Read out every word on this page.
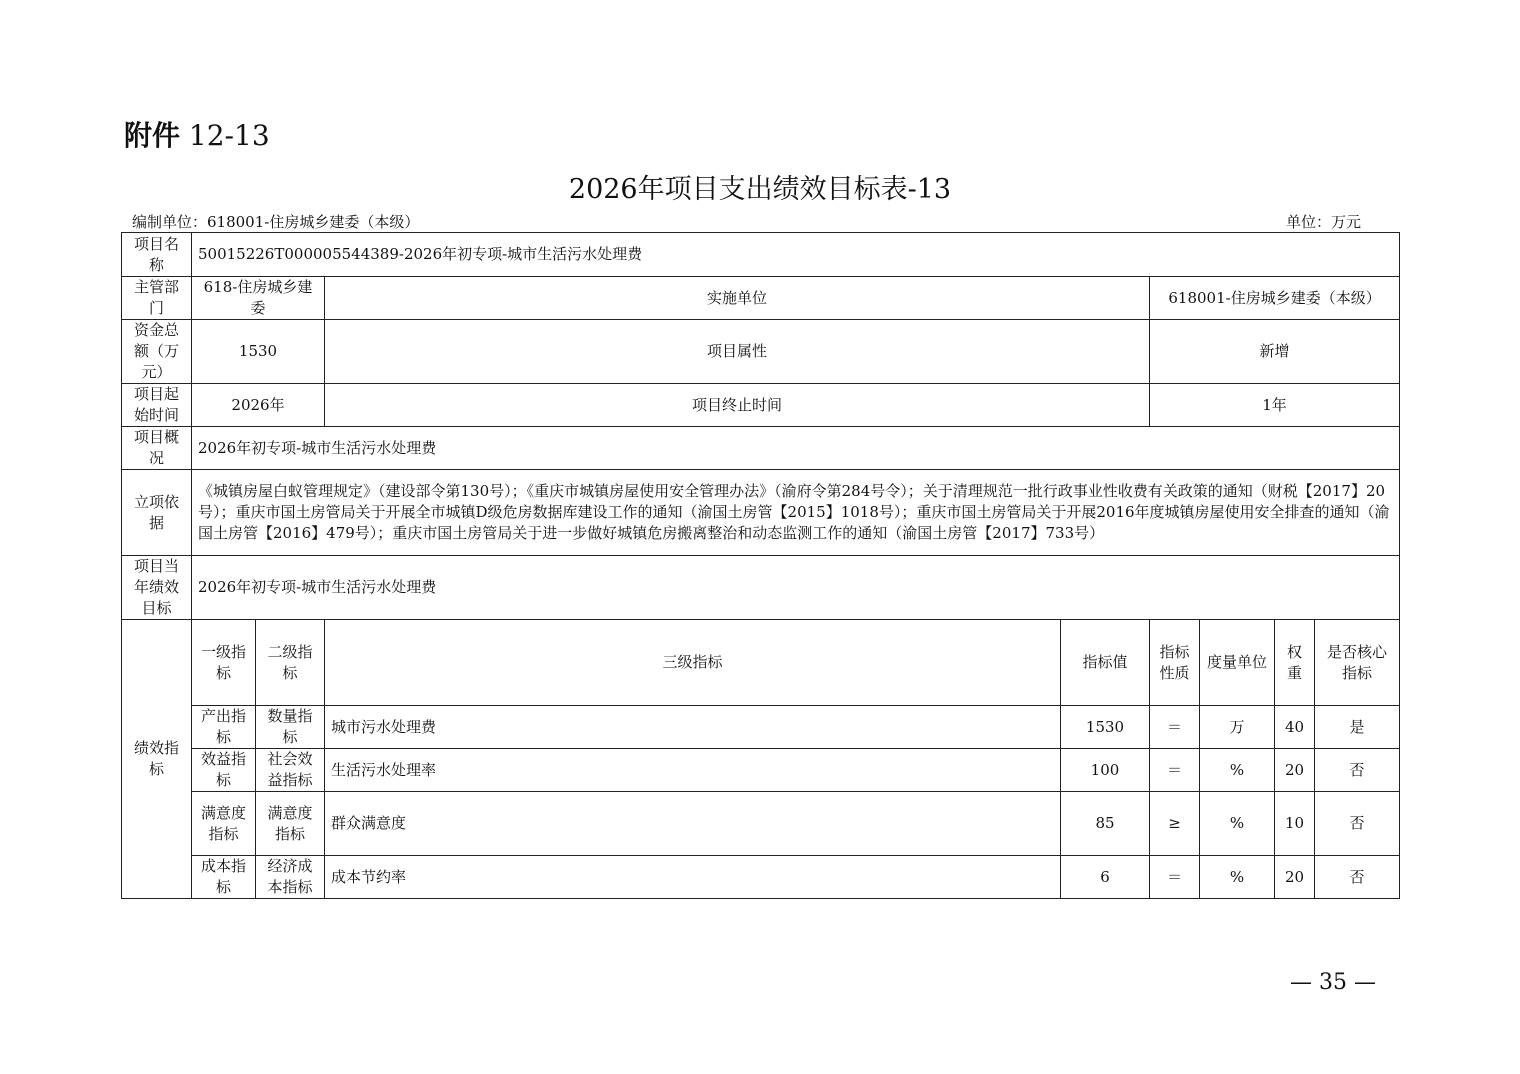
附件 12-13
2026年项目支出绩效目标表-13
编制单位：618001-住房城乡建委（本级）	单位：万元
项目名称	50015226T000005544389-2026年初专项-城市生活污水处理费							
主管部门	618-住房城乡建委		实施单位		618001-住房城乡建委（本级）			
资金总额（万元）	1530		项目属性		新增			
项目起始时间	2026年		项目终止时间		1年			
项目概况	2026年初专项-城市生活污水处理费							
立项依据	《城镇房屋白蚁管理规定》（建设部令第130号）；《重庆市城镇房屋使用安全管理办法》（渝府令第284号令）；关于清理规范一批行政事业性收费有关政策的通知（财税【2017】20号）；重庆市国土房管局关于开展全市城镇D级危房数据库建设工作的通知（渝国土房管【2015】1018号）；重庆市国土房管局关于开展2016年度城镇房屋使用安全排查的通知（渝国土房管【2016】479号）；重庆市国土房管局关于进一步做好城镇危房搬离整治和动态监测工作的通知（渝国土房管【2017】733号）							
项目当年绩效目标	2026年初专项-城市生活污水处理费							
绩效指标	一级指标	二级指标	三级指标	指标值	指标性质	度量单位	权重	是否核心指标
	产出指标	数量指标	城市污水处理费	1530	＝	万	40	是
	效益指标	社会效益指标	生活污水处理率	100	＝	%	20	否
	满意度指标	满意度指标	群众满意度	85	≥	%	10	否
	成本指标	经济成本指标	成本节约率	6	＝	%	20	否
— 35 —
